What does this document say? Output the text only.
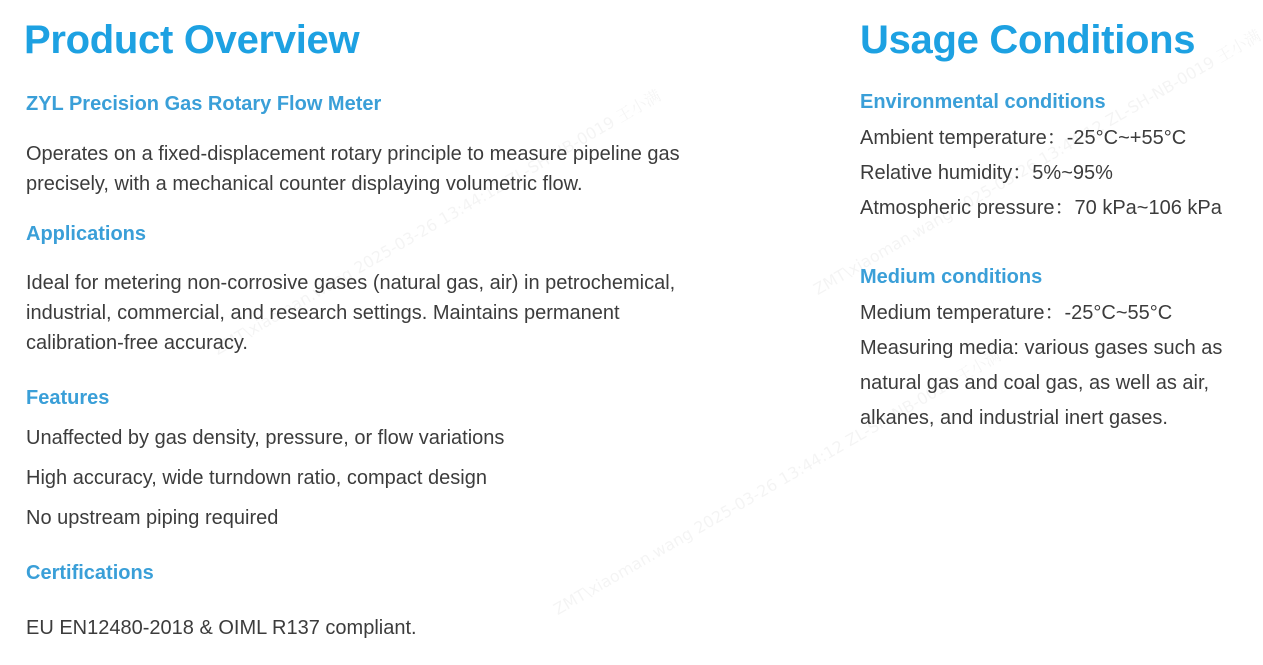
Product Overview
ZYL Precision Gas Rotary Flow Meter
Operates on a fixed-displacement rotary principle to measure pipeline gas
precisely, with a mechanical counter displaying volumetric flow.
Applications
Ideal for metering non-corrosive gases (natural gas, air) in petrochemical,
industrial, commercial, and research settings. Maintains permanent
calibration-free accuracy.
Features
Unaffected by gas density, pressure, or flow variations
High accuracy, wide turndown ratio, compact design
No upstream piping required
Certifications
EU EN12480-2018 & OIML R137 compliant.
Usage Conditions
Environmental conditions
Ambient temperature：-25°C~+55°C
Relative humidity：5%~95%
Atmospheric pressure：70 kPa~106 kPa
Medium conditions
Medium temperature：-25°C~55°C
Measuring media: various gases such as
natural gas and coal gas, as well as air,
alkanes, and industrial inert gases.
